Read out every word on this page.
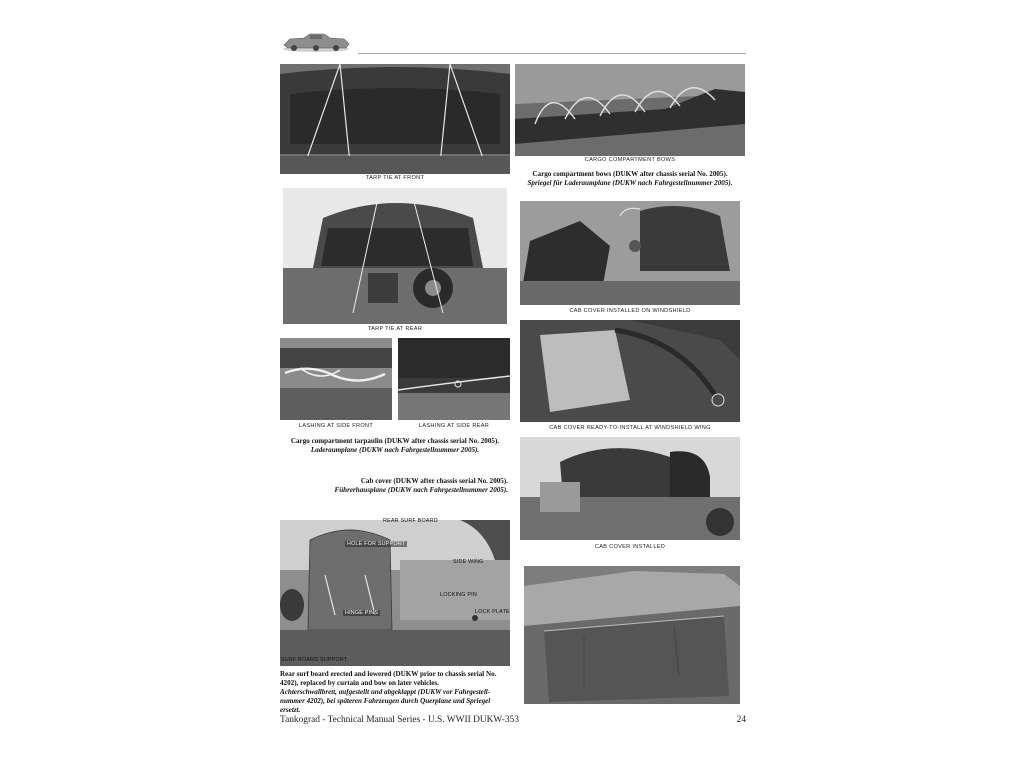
TARP TIE AT FRONT
CARGO COMPARTMENT BOWS
Cargo compartment bows (DUKW after chassis serial No. 2005).
Spriegel für Laderaumplane (DUKW nach Fahrgestellnummer 2005).
TARP TIE AT REAR
LASHING AT SIDE FRONT	LASHING AT SIDE REAR
Cargo compartment tarpaulin (DUKW after chassis serial No. 2005).
Laderaumplane (DUKW nach Fahrgestellnummer 2005).
CAB COVER INSTALLED ON WINDSHIELD
CAB COVER READY-TO-INSTALL AT WINDSHIELD WING
Cab cover (DUKW after chassis serial No. 2005).
Führerhausplane (DUKW nach Fahrgestellnummer 2005).
CAB COVER INSTALLED
REAR SURF BOARD
HOLE FOR SUPPORT
SIDE WING
LOCKING PIN
HINGE PINS	LOCK PLATE
SURF BOARD SUPPORT
Rear surf board erected and lowered (DUKW prior to chassis serial No.
4202), replaced by curtain and bow on later vehicles.
Achterschwallbrett, aufgestellt und abgeklappt (DUKW vor Fahrgestell-
nummer 4202), bei späteren Fahrzeugen durch Querplane und Spriegel ersetzt.
Tankograd - Technical Manual Series - U.S. WWII DUKW-353	24
